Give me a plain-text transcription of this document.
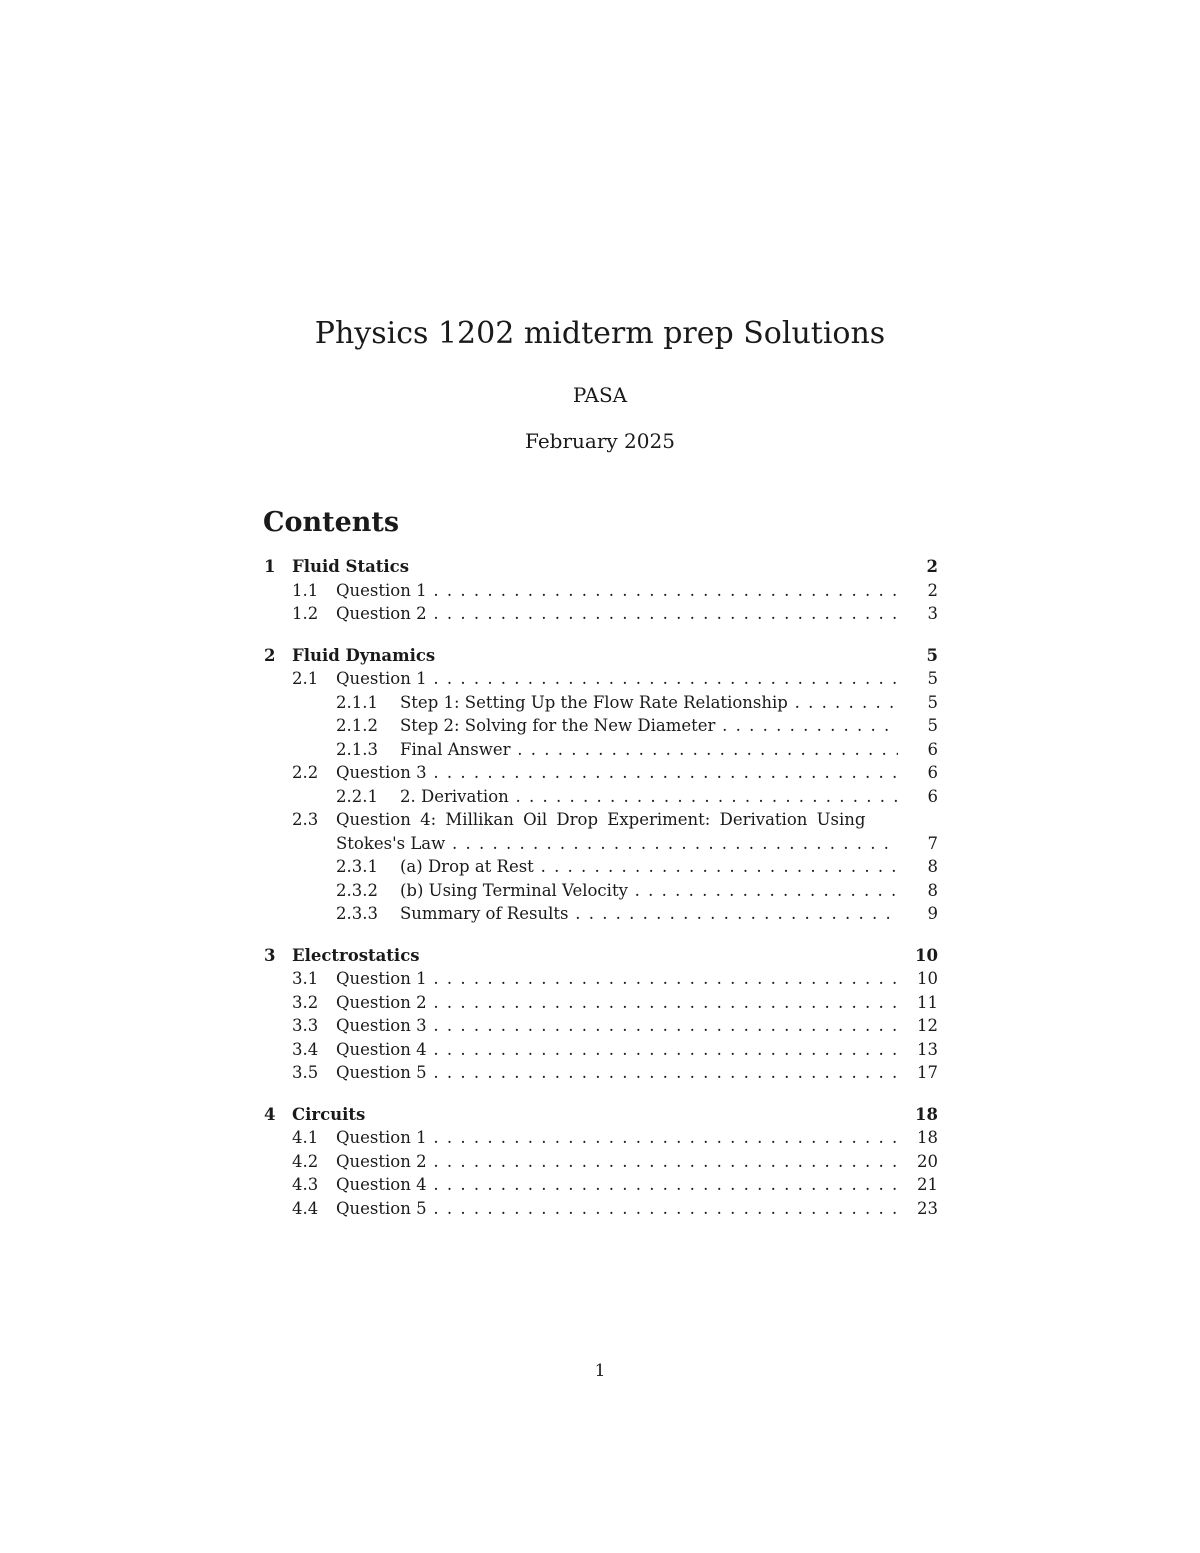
Physics 1202 midterm prep Solutions
PASA
February 2025
Contents
1 Fluid Statics	2
1.1 Question 1 . . .	2
1.2 Question 2 . . .	3
2 Fluid Dynamics	5
2.1 Question 1 . . .	5
2.1.1 Step 1: Setting Up the Flow Rate Relationship . . .	5
2.1.2 Step 2: Solving for the New Diameter . . .	5
2.1.3 Final Answer . . .	6
2.2 Question 3 . . .	6
2.2.1 2. Derivation . . .	6
2.3 Question 4: Millikan Oil Drop Experiment: Derivation Using
Stokes's Law . . .	7
2.3.1 (a) Drop at Rest . . .	8
2.3.2 (b) Using Terminal Velocity . . .	8
2.3.3 Summary of Results . . .	9
3 Electrostatics	10
3.1 Question 1 . . .	10
3.2 Question 2 . . .	11
3.3 Question 3 . . .	12
3.4 Question 4 . . .	13
3.5 Question 5 . . .	17
4 Circuits	18
4.1 Question 1 . . .	18
4.2 Question 2 . . .	20
4.3 Question 4 . . .	21
4.4 Question 5 . . .	23
1
